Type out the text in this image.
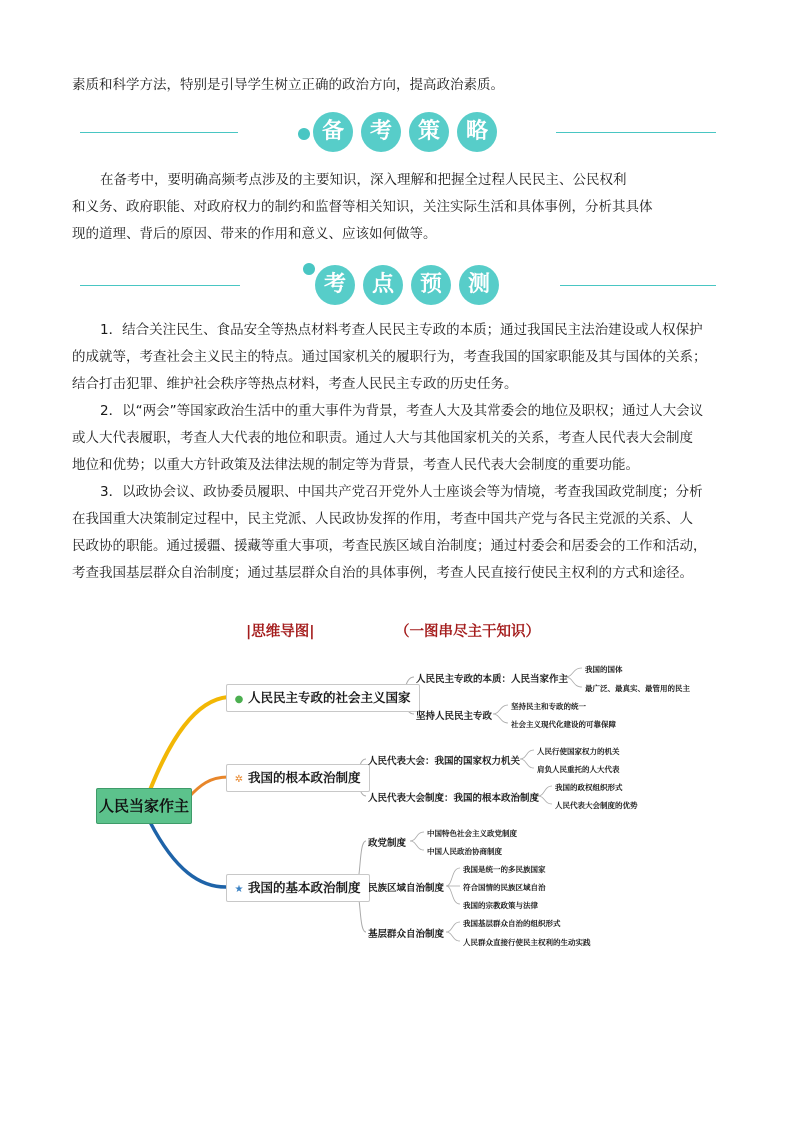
素质和科学方法，特别是引导学生树立正确的政治方向，提高政治素质。

备	考	策	略

在备考中，要明确高频考点涉及的主要知识，深入理解和把握全过程人民民主、公民权利

和义务、政府职能、对政府权力的制约和监督等相关知识，关注实际生活和具体事例，分析其具体

现的道理、背后的原因、带来的作用和意义、应该如何做等。

考	点	预	测

1．结合关注民生、食品安全等热点材料考查人民民主专政的本质；通过我国民主法治建设或人权保护

的成就等，考查社会主义民主的特点。通过国家机关的履职行为，考查我国的国家职能及其与国体的关系；

结合打击犯罪、维护社会秩序等热点材料，考查人民民主专政的历史任务。

2．以“两会”等国家政治生活中的重大事件为背景，考查人大及其常委会的地位及职权；通过人大会议

或人大代表履职，考查人大代表的地位和职责。通过人大与其他国家机关的关系，考查人民代表大会制度

地位和优势；以重大方针政策及法律法规的制定等为背景，考查人民代表大会制度的重要功能。

3．以政协会议、政协委员履职、中国共产党召开党外人士座谈会等为情境，考查我国政党制度；分析

在我国重大决策制定过程中，民主党派、人民政协发挥的作用，考查中国共产党与各民主党派的关系、人

民政协的职能。通过援疆、援藏等重大事项，考查民族区域自治制度；通过村委会和居委会的工作和活动，

考查我国基层群众自治制度；通过基层群众自治的具体事例，考查人民直接行使民主权利的方式和途径。

|思维导图|	（一图串尽主干知识）
人民当家作主
● 人民民主专政的社会主义国家
✲ 我国的根本政治制度
★ 我国的基本政治制度
人民民主专政的本质：人民当家作主
我国的国体
最广泛、最真实、最管用的民主
坚持人民民主专政
坚持民主和专政的统一
社会主义现代化建设的可靠保障
人民代表大会：我国的国家权力机关
人民行使国家权力的机关
肩负人民重托的人大代表
人民代表大会制度：我国的根本政治制度
我国的政权组织形式
人民代表大会制度的优势
政党制度
中国特色社会主义政党制度
中国人民政治协商制度
民族区域自治制度
我国是统一的多民族国家
符合国情的民族区域自治
我国的宗教政策与法律
基层群众自治制度
我国基层群众自治的组织形式
人民群众直接行使民主权利的生动实践
